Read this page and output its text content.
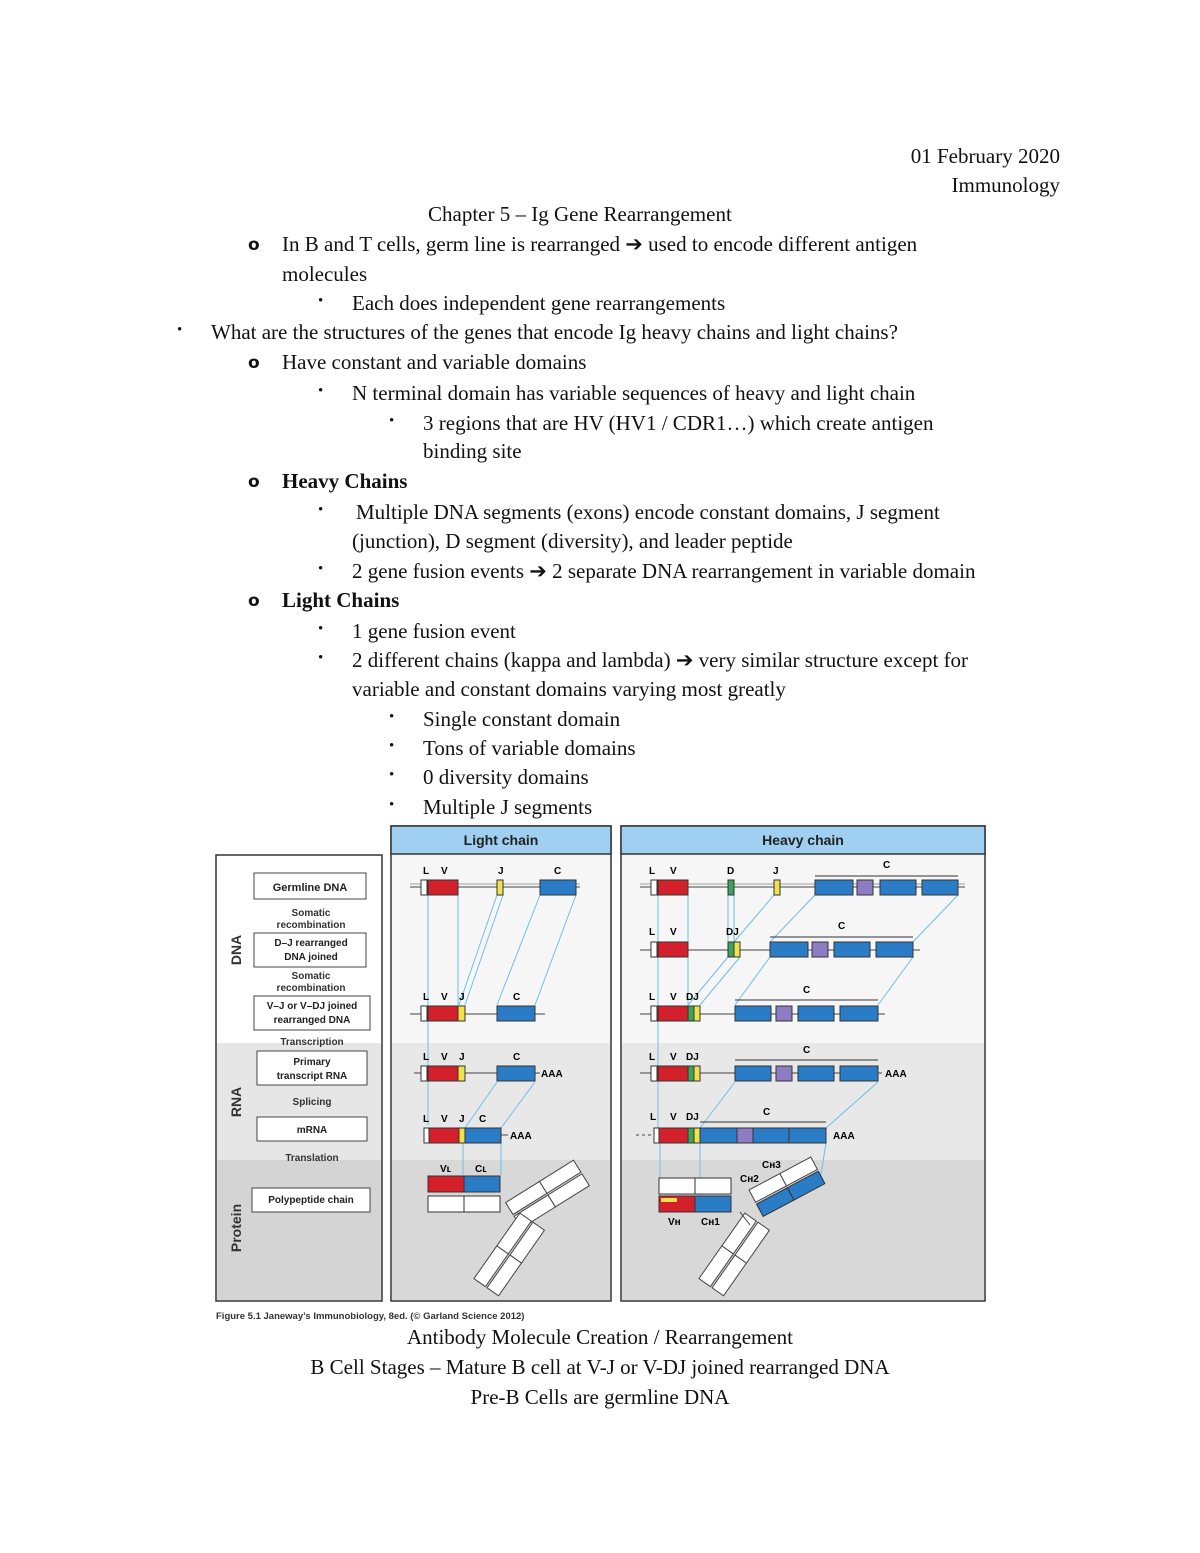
01 February 2020
Immunology
Chapter 5 – Ig Gene Rearrangement
o In B and T cells, germ line is rearranged ➔ used to encode different antigen
molecules
• Each does independent gene rearrangements
• What are the structures of the genes that encode Ig heavy chains and light chains?
o Have constant and variable domains
• N terminal domain has variable sequences of heavy and light chain
• 3 regions that are HV (HV1 / CDR1…) which create antigen
binding site
o Heavy Chains
• Multiple DNA segments (exons) encode constant domains, J segment
(junction), D segment (diversity), and leader peptide
• 2 gene fusion events ➔ 2 separate DNA rearrangement in variable domain
o Light Chains
• 1 gene fusion event
• 2 different chains (kappa and lambda) ➔ very similar structure except for
variable and constant domains varying most greatly
• Single constant domain
• Tons of variable domains
• 0 diversity domains
• Multiple J segments
DNA
RNA
Protein
Germline DNA
Somatic
recombination
D–J rearranged
DNA joined
Somatic
recombination
V–J or V–DJ joined
rearranged DNA
Transcription
Primary
transcript RNA
Splicing
mRNA
Translation
Polypeptide chain
Light chain
L V	J	C
L V J	C
L V J	C
AAA
L V J C
AAA
Vʟ Cʟ
Heavy chain
L V	D	J
C
L V	DJ
C
L V DJ
C
L V DJ
C
AAA
L V DJ	C
AAA
Vʜ Cʜ1
Cʜ2
Cʜ3
Figure 5.1 Janeway’s Immunobiology, 8ed. (© Garland Science 2012)
Antibody Molecule Creation / Rearrangement
B Cell Stages – Mature B cell at V-J or V-DJ joined rearranged DNA
Pre-B Cells are germline DNA
